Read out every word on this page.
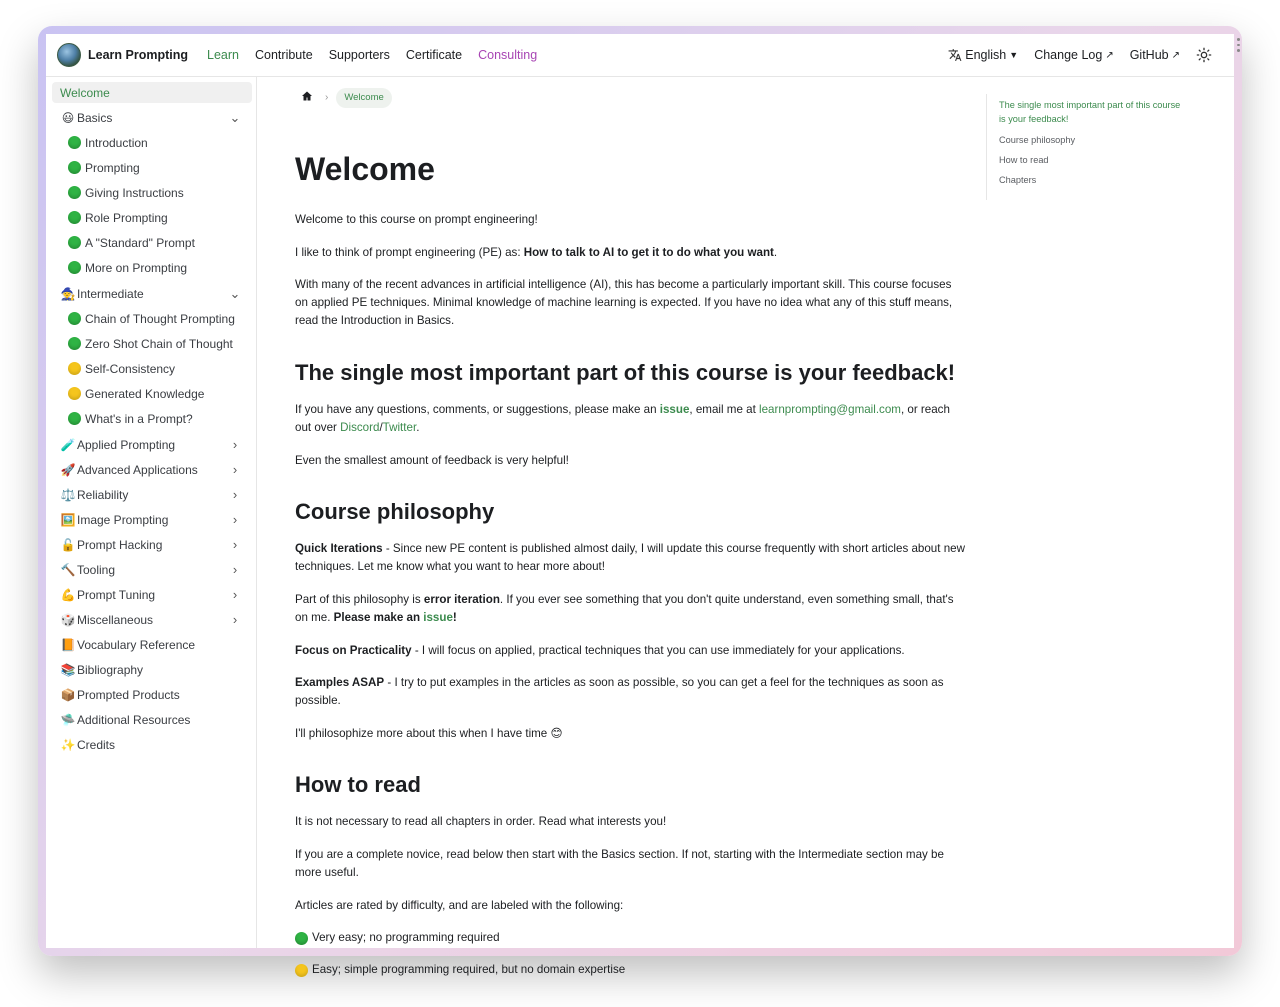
Learn Prompting Learn Contribute Supporters Certificate Consulting	English ▼ Change Log ↗ GitHub ↗
Welcome
😃 Basics	⌄
Introduction
Prompting
Giving Instructions
Role Prompting
A "Standard" Prompt
More on Prompting
🧙 Intermediate	⌄
Chain of Thought Prompting
Zero Shot Chain of Thought
Self-Consistency
Generated Knowledge
What's in a Prompt?
🧪 Applied Prompting	›
🚀 Advanced Applications	›
⚖️ Reliability	›
🖼️ Image Prompting	›
🔓 Prompt Hacking	›
🔨 Tooling	›
💪 Prompt Tuning	›
🎲 Miscellaneous	›
📙 Vocabulary Reference
📚 Bibliography
📦 Prompted Products
🛸 Additional Resources
✨ Credits
›	Welcome
Welcome

Welcome to this course on prompt engineering!

I like to think of prompt engineering (PE) as: How to talk to AI to get it to do what you want.

With many of the recent advances in artificial intelligence (AI), this has become a particularly important skill. This course focuses on applied PE techniques. Minimal knowledge of machine learning is expected. If you have no idea what any of this stuff means, read the Introduction in Basics.

The single most important part of this course is your feedback!

If you have any questions, comments, or suggestions, please make an issue, email me at learnprompting@gmail.com, or reach out over Discord/Twitter.

Even the smallest amount of feedback is very helpful!

Course philosophy

Quick Iterations - Since new PE content is published almost daily, I will update this course frequently with short articles about new techniques. Let me know what you want to hear more about!

Part of this philosophy is error iteration. If you ever see something that you don't quite understand, even something small, that's on me. Please make an issue!

Focus on Practicality - I will focus on applied, practical techniques that you can use immediately for your applications.

Examples ASAP - I try to put examples in the articles as soon as possible, so you can get a feel for the techniques as soon as possible.

I'll philosophize more about this when I have time 😊

How to read

It is not necessary to read all chapters in order. Read what interests you!

If you are a complete novice, read below then start with the Basics section. If not, starting with the Intermediate section may be more useful.

Articles are rated by difficulty, and are labeled with the following:

Very easy; no programming required

Easy; simple programming required, but no domain expertise

The single most important part of this course is your feedback!
Course philosophy
How to read
Chapters
